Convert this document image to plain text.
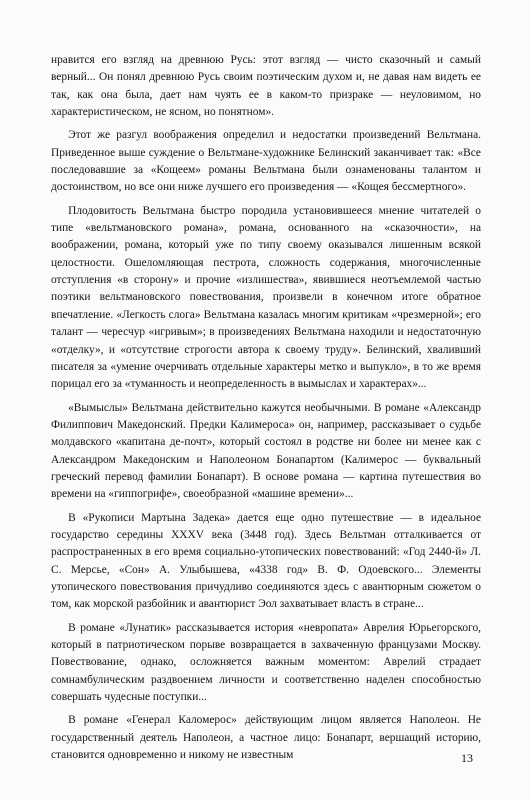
нравится его взгляд на древнюю Русь: этот взгляд — чисто сказочный и самый верный... Он понял древнюю Русь своим поэтическим духом и, не давая нам видеть ее так, как она была, дает нам чуять ее в каком-то призраке — неуловимом, но характеристическом, не ясном, но понятном».

Этот же разгул воображения определил и недостатки произведений Вельтмана. Приведенное выше суждение о Вельтмане-художнике Белинский заканчивает так: «Все последовавшие за «Кощеем» романы Вельтмана были ознаменованы талантом и достоинством, но все они ниже лучшего его произведения — «Кощея бессмертного».

Плодовитость Вельтмана быстро породила установившееся мнение читателей о типе «вельтмановского романа», романа, основанного на «сказочности», на воображении, романа, который уже по типу своему оказывался лишенным всякой целостности. Ошеломляющая пестрота, сложность содержания, многочисленные отступления «в сторону» и прочие «излишества», явившиеся неотъемлемой частью поэтики вельтмановского повествования, произвели в конечном итоге обратное впечатление. «Легкость слога» Вельтмана казалась многим критикам «чрезмерной»; его талант — чересчур «игривым»; в произведениях Вельтмана находили и недостаточную «отделку», и «отсутствие строгости автора к своему труду». Белинский, хваливший писателя за «умение очерчивать отдельные характеры метко и выпукло», в то же время порицал его за «туманность и неопределенность в вымыслах и характерах»...

«Вымыслы» Вельтмана действительно кажутся необычными. В романе «Александр Филиппович Македонский. Предки Калимероса» он, например, рассказывает о судьбе молдавского «капитана де-почт», который состоял в родстве ни более ни менее как с Александром Македонским и Наполеоном Бонапартом (Калимерос — буквальный греческий перевод фамилии Бонапарт). В основе романа — картина путешествия во времени на «гиппогрифе», своеобразной «машине времени»...

В «Рукописи Мартына Задека» дается еще одно путешествие — в идеальное государство середины XXXV века (3448 год). Здесь Вельтман отталкивается от распространенных в его время социально-утопических повествований: «Год 2440-й» Л. С. Мерсье, «Сон» А. Улыбышева, «4338 год» В. Ф. Одоевского... Элементы утопического повествования причудливо соединяются здесь с авантюрным сюжетом о том, как морской разбойник и авантюрист Эол захватывает власть в стране...

В романе «Лунатик» рассказывается история «невропата» Аврелия Юрьегорского, который в патриотическом порыве возвращается в захваченную французами Москву. Повествование, однако, осложняется важным моментом: Аврелий страдает сомнамбулическим раздвоением личности и соответственно наделен способностью совершать чудесные поступки...

В романе «Генерал Каломерос» действующим лицом является Наполеон. Не государственный деятель Наполеон, а частное лицо: Бонапарт, вершащий историю, становится одновременно и никому не известным	13
